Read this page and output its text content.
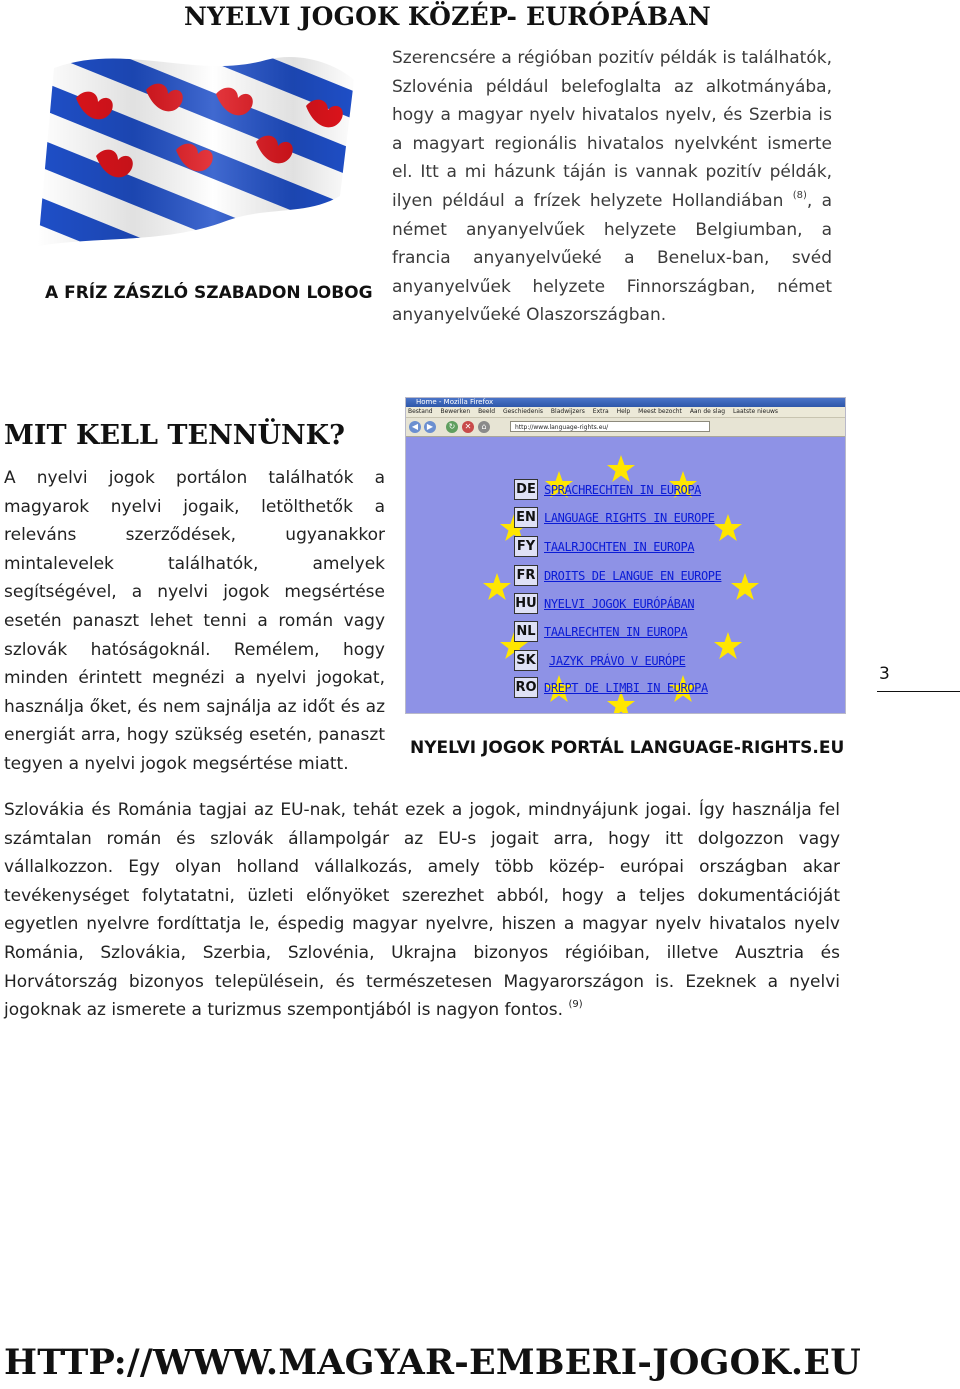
NYELVI JOGOK KÖZÉP- EURÓPÁBAN
A FRÍZ ZÁSZLÓ SZABADON LOBOG

Szerencsére a régióban pozitív példák is találhatók, Szlovénia például belefoglalta az alkotmányába, hogy a magyar nyelv hivatalos nyelv, és Szerbia is a magyart regionális hivatalos nyelvként ismerte el. Itt a mi házunk táján is vannak pozitív példák, ilyen például a frízek helyzete Hollandiában $^{(8)}$, a német anyanyelvűek helyzete Belgiumban, a francia anyanyelvűeké a Benelux-ban, svéd anyanyelvűek helyzete Finnországban, német anyanyelvűeké Olaszországban.

MIT KELL TENNÜNK?

A nyelvi jogok portálon találhatók a magyarok nyelvi jogaik, letölthetők a releváns szerződések, ugyanakkor mintalevelek találhatók, amelyek segítségével, a nyelvi jogok megsértése esetén panaszt lehet tenni a román vagy szlovák hatóságoknál. Remélem, hogy minden érintett megnézi a nyelvi jogokat, használja őket, és nem sajnálja az időt és az energiát arra, hogy szükség esetén, panaszt tegyen a nyelvi jogok megsértése miatt.

Home - Mozilla Firefox
Bestand Bewerken Beeld Geschiedenis Bladwijzers Extra Help Meest bezocht Aan de slag Laatste nieuws
◀	▶	↻	✕	⌂	http://www.language-rights.eu/
DE SPRACHRECHTEN IN EUROPA
EN LANGUAGE RIGHTS IN EUROPE
FY TAALRJOCHTEN IN EUROPA
FR DROITS DE LANGUE EN EUROPE
HU NYELVI JOGOK EURÓPÁBAN
NL TAALRECHTEN IN EUROPA
SK JAZYK PRÁVO V EURÓPE
RO DREPT DE LIMBI IN EUROPA
NYELVI JOGOK PORTÁL LANGUAGE-RIGHTS.EU
3

Szlovákia és Románia tagjai az EU-nak, tehát ezek a jogok, mindnyájunk jogai. Így használja fel számtalan román és szlovák állampolgár az EU-s jogait arra, hogy itt dolgozzon vagy vállalkozzon. Egy olyan holland vállalkozás, amely több közép- európai országban akar tevékenységet folytatatni, üzleti előnyöket szerezhet abból, hogy a teljes dokumentációját egyetlen nyelvre fordíttatja le, éspedig magyar nyelvre, hiszen a magyar nyelv hivatalos nyelv Románia, Szlovákia, Szerbia, Szlovénia, Ukrajna bizonyos régióiban, illetve Ausztria és Horvátország bizonyos településein, és természetesen Magyarországon is. Ezeknek a nyelvi jogoknak az ismerete a turizmus szempontjából is nagyon fontos. $^{(9)}$

HTTP://WWW.MAGYAR-EMBERI-JOGOK.EU
